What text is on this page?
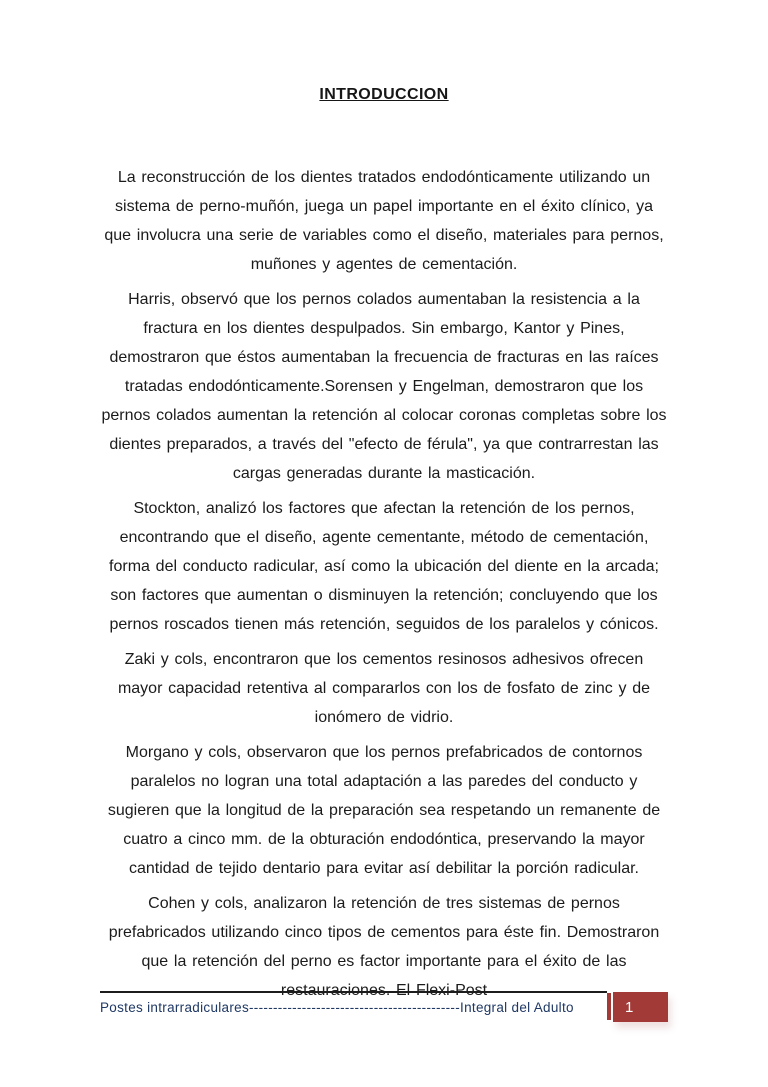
INTRODUCCION

La reconstrucción de los dientes tratados endodónticamente utilizando un sistema de perno-muñón, juega un papel importante en el éxito clínico, ya que involucra una serie de variables como el diseño, materiales para pernos, muñones y agentes de cementación.

Harris, observó que los pernos colados aumentaban la resistencia a la fractura en los dientes despulpados. Sin embargo, Kantor y Pines, demostraron que éstos aumentaban la frecuencia de fracturas en las raíces tratadas endodónticamente.Sorensen y Engelman, demostraron que los pernos colados aumentan la retención al colocar coronas completas sobre los dientes preparados, a través del "efecto de férula", ya que contrarrestan las cargas generadas durante la masticación.

Stockton, analizó los factores que afectan la retención de los pernos, encontrando que el diseño, agente cementante, método de cementación, forma del conducto radicular, así como la ubicación del diente en la arcada; son factores que aumentan o disminuyen la retención; concluyendo que los pernos roscados tienen más retención, seguidos de los paralelos y cónicos.

Zaki y cols, encontraron que los cementos resinosos adhesivos ofrecen mayor capacidad retentiva al compararlos con los de fosfato de zinc y de ionómero de vidrio.

Morgano y cols, observaron que los pernos prefabricados de contornos paralelos no logran una total adaptación a las paredes del conducto y sugieren que la longitud de la preparación sea respetando un remanente de cuatro a cinco mm. de la obturación endodóntica, preservando la mayor cantidad de tejido dentario para evitar así debilitar la porción radicular.

Cohen y cols, analizaron la retención de tres sistemas de pernos prefabricados utilizando cinco tipos de cementos para éste fin. Demostraron que la retención del perno es factor importante para el éxito de las restauraciones. El Flexi-Post

Postes intrarradiculares--------------------------------------------Integral del Adulto	1
